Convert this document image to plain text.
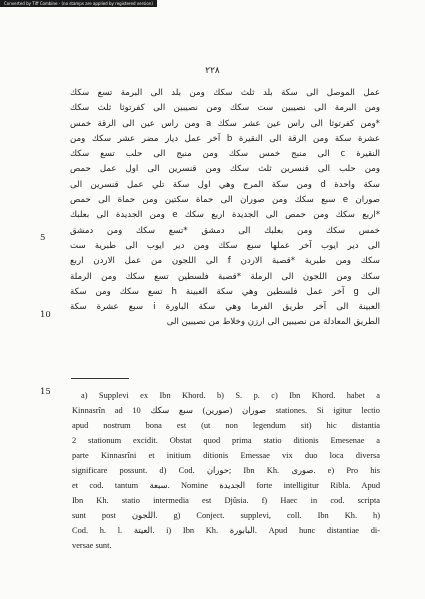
Converted by Tiff Combine - (no stamps are applied by registered version)
٢٢٨
5
10
15
عمل الموصل الى سكة بلد ثلث سكك ومن بلد الى البرمة تسع سكك
ومن البرمة الى نصيبين ست سكك ومن نصيبين الى كفرتوثا ثلث سكك
*ومن كفرتوثا الى راس عين عشر سكك a ومن راس عين الى الرقة خمس
عشرة سكة ومن الرقة الى النقيرة b آخر عمل ديار مضر عشر سكك ومن
النقيرة c الى منبج خمس سكك ومن منبج الى حلب تسع سكك
ومن حلب الى قنسرين ثلث سكك ومن قنسرين الى اول عمل حمص
سكة واحدة d ومن سكة المرج وهي اول سكة تلي عمل قنسرين الى
صوران e سبع سكك ومن صوران الى حماة سكتين ومن حماة الى حمص
*اربع سكك ومن حمص الى الجديدة اربع سكك e ومن الجديدة الى بعلبك
خمس سكك ومن بعلبك الى دمشق *تسع سكك ومن دمشق
الى دير ايوب آخر عملها سبع سكك ومن دير ايوب الى طبرية ست
سكك ومن طبرية *قصبة الاردن f الى اللجون من عمل الاردن اربع
سكك ومن اللجون الى الرملة *قصبة فلسطين تسع سكك ومن الرملة
الى g آخر عمل فلسطين وهي سكة العبينة h تسع سكك ومن سكة
العبينة الى آخر طريق الفرما وهي سكة الباورة i سبع عشرة سكة
الطريق المعادلة من نصيبين الى ارزن وخلاط من نصيبين الى
a) Supplevi ex Ibn Khord. b) S. p. c) Ibn Khord. habet a
Kinnasrîn ad صوران (صورين) سبع سكك 10 stationes. Si igitur lectio
apud nostrum bona est (ut non legendum sit) hic distantia
2 stationum excidit. Obstat quod prima statio ditionis Emesenae a
parte Kinnasrîni et initium ditionis Emessae vix duo loca diversa
significare possunt. d) Cod. حوران; Ibn Kh. صورى. e) Pro his
et cod. tantum سبعة. Nomine الجديدة forte intelligitur Ribla. Apud
Ibn Kh. statio intermedia est Djûsia. f) Haec in cod. scripta
sunt post اللجون. g) Conject. supplevi, coll. Ibn Kh. h)
Cod. h. l. العيتة. i) Ibn Kh. البابورة. Apud hunc distantiae di-
versae sunt.
